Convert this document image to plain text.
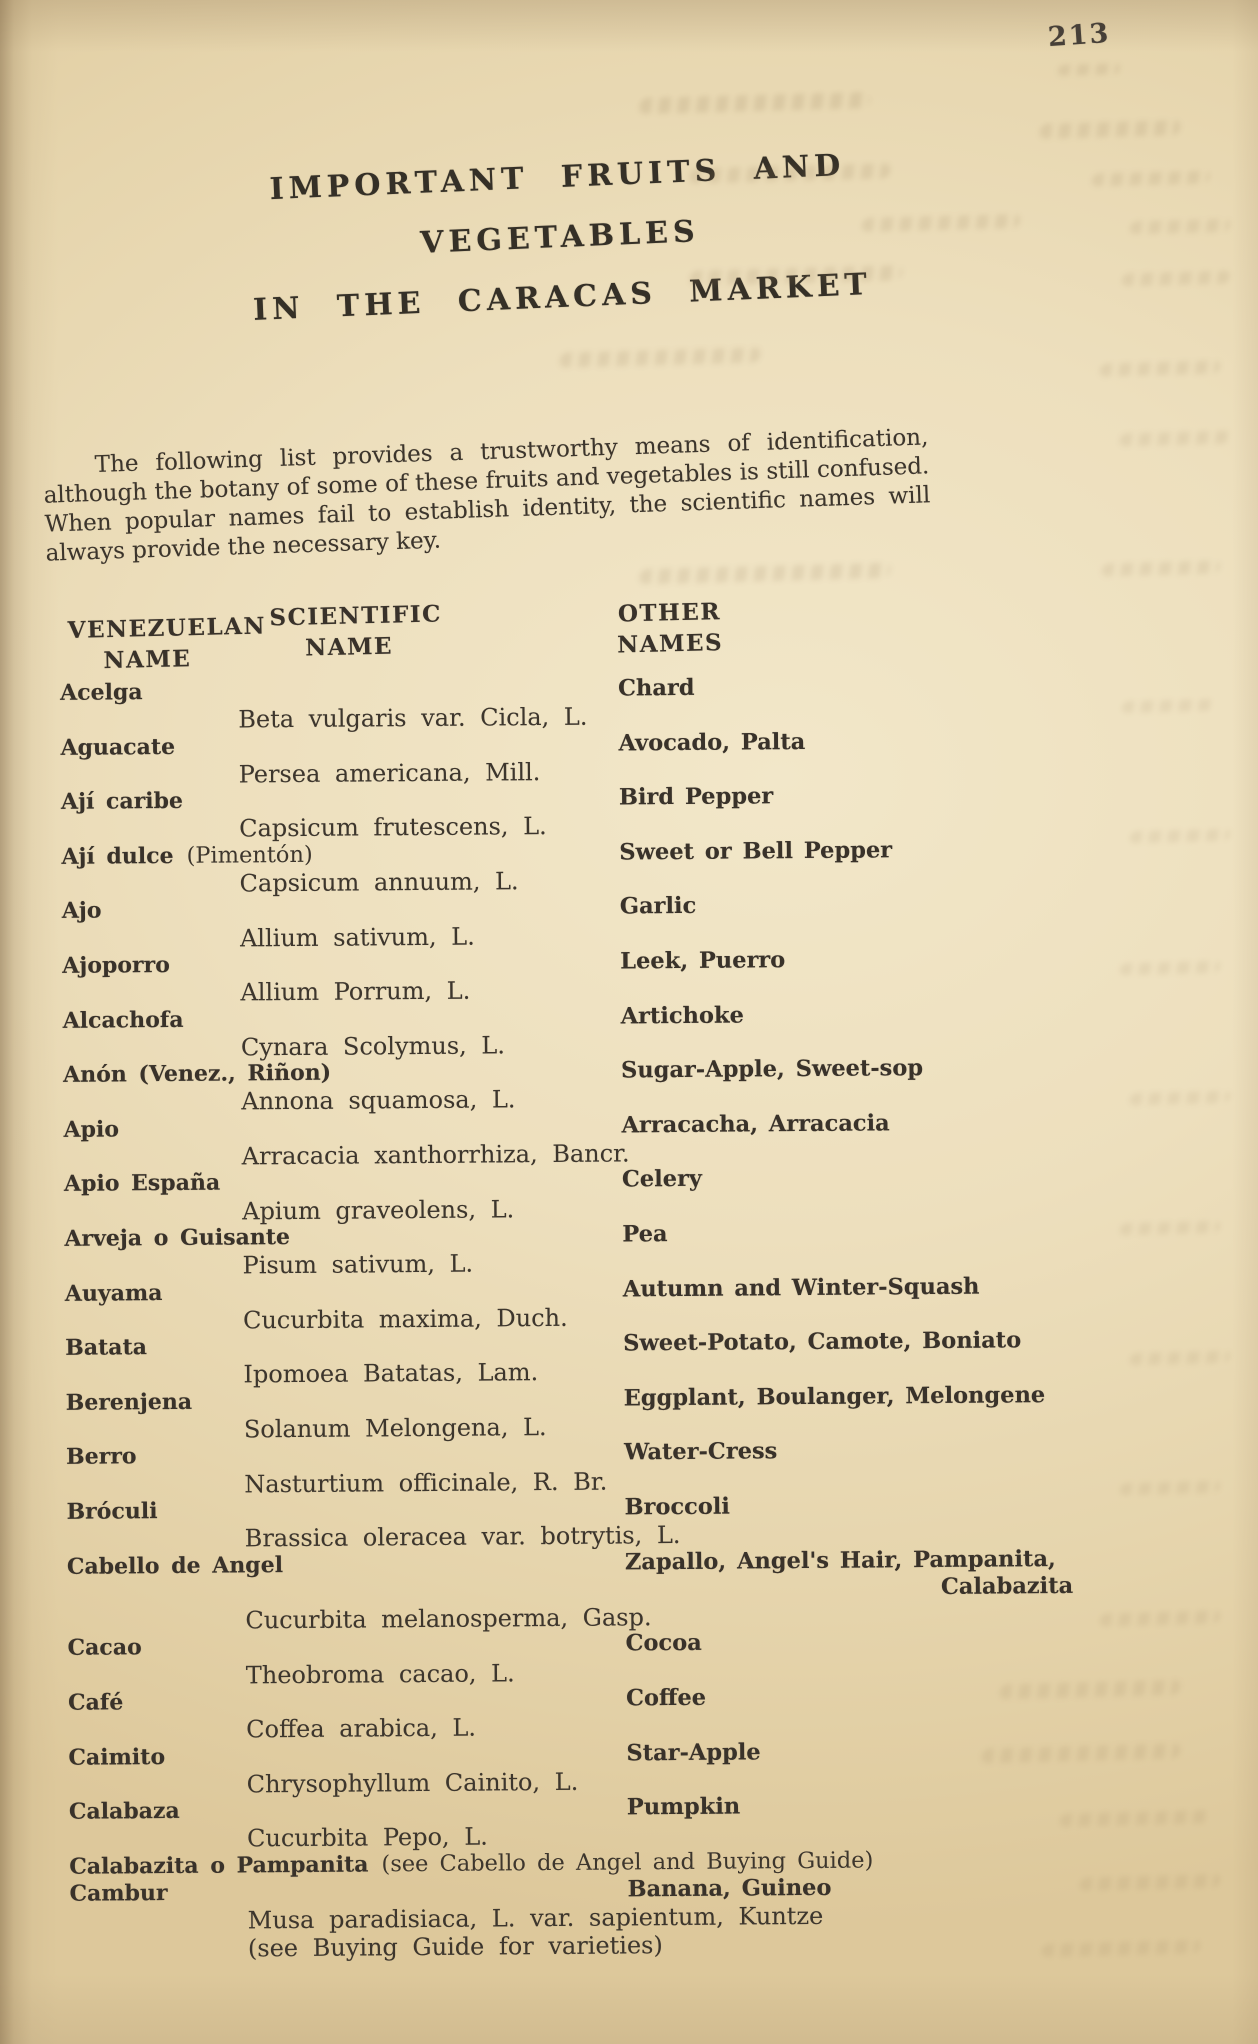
213
IMPORTANT FRUITS AND VEGETABLES
IN THE CARACAS MARKET
The following list provides a trustworthy means of identification, although the botany of some of these fruits and vegetables is still confused. When popular names fail to establish identity, the scientific names will always provide the necessary key.
VENEZUELAN
NAME
SCIENTIFIC
NAME
OTHER
NAMES
Acelga	Chard
Beta vulgaris var. Cicla, L.
Aguacate	Avocado, Palta
Persea americana, Mill.
Ají caribe	Bird Pepper
Capsicum frutescens, L.
Ají dulce (Pimentón)	Sweet or Bell Pepper
Capsicum annuum, L.
Ajo	Garlic
Allium sativum, L.
Ajoporro	Leek, Puerro
Allium Porrum, L.
Alcachofa	Artichoke
Cynara Scolymus, L.
Anón (Venez., Riñon)	Sugar-Apple, Sweet-sop
Annona squamosa, L.
Apio	Arracacha, Arracacia
Arracacia xanthorrhiza, Bancr.
Apio España	Celery
Apium graveolens, L.
Arveja o Guisante	Pea
Pisum sativum, L.
Auyama	Autumn and Winter-Squash
Cucurbita maxima, Duch.
Batata	Sweet-Potato, Camote, Boniato
Ipomoea Batatas, Lam.
Berenjena	Eggplant, Boulanger, Melongene
Solanum Melongena, L.
Berro	Water-Cress
Nasturtium officinale, R. Br.
Bróculi	Broccoli
Brassica oleracea var. botrytis, L.
Cabello de Angel	Zapallo, Angel's Hair, Pampanita,
Calabazita
Cucurbita melanosperma, Gasp.
Cacao	Cocoa
Theobroma cacao, L.
Café	Coffee
Coffea arabica, L.
Caimito	Star-Apple
Chrysophyllum Cainito, L.
Calabaza	Pumpkin
Cucurbita Pepo, L.
Calabazita o Pampanita (see Cabello de Angel and Buying Guide)
Cambur	Banana, Guineo
Musa paradisiaca, L. var. sapientum, Kuntze
(see Buying Guide for varieties)
